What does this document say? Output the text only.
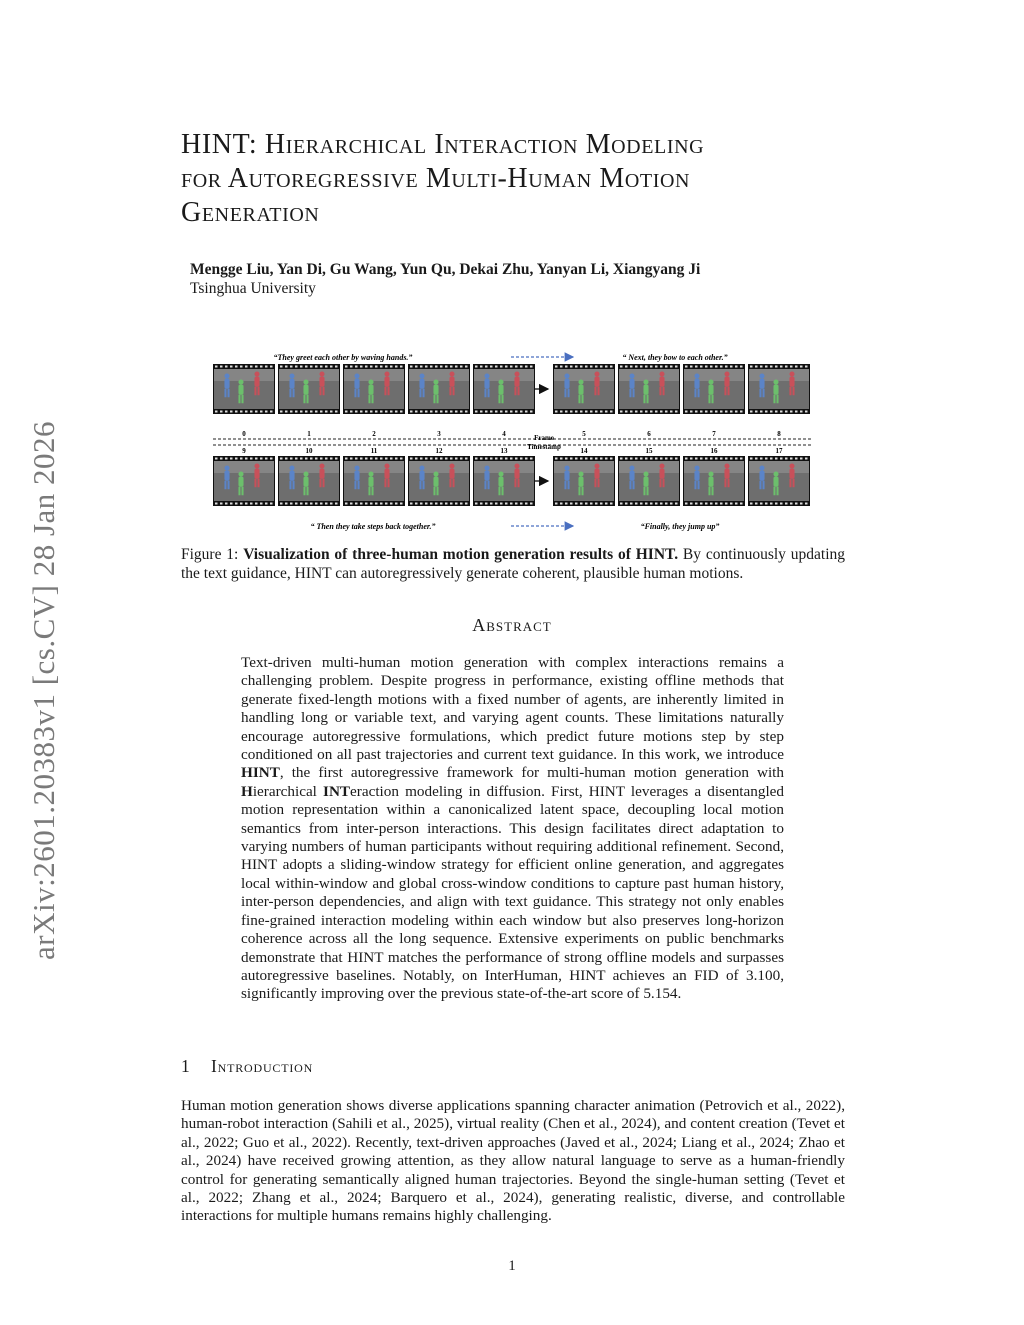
arXiv:2601.20383v1 [cs.CV] 28 Jan 2026
HINT: Hierarchical Interaction Modeling
for Autoregressive Multi-Human Motion
Generation
Mengge Liu, Yan Di, Gu Wang, Yun Qu, Dekai Zhu, Yanyan Li, Xiangyang Ji
Tsinghua University
“They greet each other by waving hands.”	“ Next, they bow to each other.”
Frame
Timestamp
0	1	2	3	4	5	6	7	8
9	10	11	12	13	14	15	16	17
“ Then they take steps back together.”	“Finally, they jump up”
Figure 1: Visualization of three-human motion generation results of HINT. By continuously updating the text guidance, HINT can autoregressively generate coherent, plausible human motions.
Abstract
Text-driven multi-human motion generation with complex interactions remains a challenging problem. Despite progress in performance, existing offline methods that generate fixed-length motions with a fixed number of agents, are inherently limited in handling long or variable text, and varying agent counts. These limitations naturally encourage autoregressive formulations, which predict future motions step by step conditioned on all past trajectories and current text guidance. In this work, we introduce HINT, the first autoregressive framework for multi-human motion generation with Hierarchical INTeraction modeling in diffusion. First, HINT leverages a disentangled motion representation within a canonicalized latent space, decoupling local motion semantics from inter-person interactions. This design facilitates direct adaptation to varying numbers of human participants without requiring additional refinement. Second, HINT adopts a sliding-window strategy for efficient online generation, and aggregates local within-window and global cross-window conditions to capture past human history, inter-person dependencies, and align with text guidance. This strategy not only enables fine-grained interaction modeling within each window but also preserves long-horizon coherence across all the long sequence. Extensive experiments on public benchmarks demonstrate that HINT matches the performance of strong offline models and surpasses autoregressive baselines. Notably, on InterHuman, HINT achieves an FID of 3.100, significantly improving over the previous state-of-the-art score of 5.154.
1 Introduction
Human motion generation shows diverse applications spanning character animation (Petrovich et al., 2022), human-robot interaction (Sahili et al., 2025), virtual reality (Chen et al., 2024), and content creation (Tevet et al., 2022; Guo et al., 2022). Recently, text-driven approaches (Javed et al., 2024; Liang et al., 2024; Zhao et al., 2024) have received growing attention, as they allow natural language to serve as a human-friendly control for generating semantically aligned human trajectories. Beyond the single-human setting (Tevet et al., 2022; Zhang et al., 2024; Barquero et al., 2024), generating realistic, diverse, and controllable interactions for multiple humans remains highly challenging.
1
